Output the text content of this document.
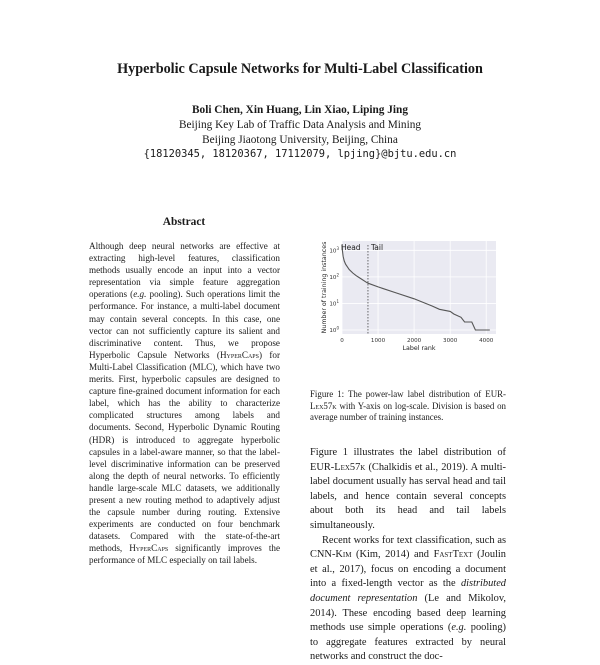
Hyperbolic Capsule Networks for Multi-Label Classification
Boli Chen, Xin Huang, Lin Xiao, Liping Jing
Beijing Key Lab of Traffic Data Analysis and Mining
Beijing Jiaotong University, Beijing, China
{18120345, 18120367, 17112079, lpjing}@bjtu.edu.cn
Abstract

Although deep neural networks are effective at extracting high-level features, classification methods usually encode an input into a vector representation via simple feature aggregation operations (e.g. pooling). Such operations limit the performance. For instance, a multi-label document may contain several concepts. In this case, one vector can not sufficiently capture its salient and discriminative content. Thus, we propose Hyperbolic Capsule Networks (HyperCaps) for Multi-Label Classification (MLC), which have two merits. First, hyperbolic capsules are designed to capture fine-grained document information for each label, which has the ability to characterize complicated structures among labels and documents. Second, Hyperbolic Dynamic Routing (HDR) is introduced to aggregate hyperbolic capsules in a label-aware manner, so that the label-level discriminative information can be preserved along the depth of neural networks. To efficiently handle large-scale MLC datasets, we additionally present a new routing method to adaptively adjust the capsule number during routing. Extensive experiments are conducted on four benchmark datasets. Compared with the state-of-the-art methods, HyperCaps significantly improves the performance of MLC especially on tail labels.

0	1000	2000	3000	4000
$10^0$
$10^1$
$10^2$
$10^3$ Head Tail
Label rank
Number of training instances

Figure 1: The power-law label distribution of EUR-Lex57k with Y-axis on log-scale. Division is based on average number of training instances.

Figure 1 illustrates the label distribution of EUR-Lex57k (Chalkidis et al., 2019). A multi-label document usually has serval head and tail labels, and hence contain several concepts about both its head and tail labels simultaneously.

Recent works for text classification, such as CNN-Kim (Kim, 2014) and FastText (Joulin et al., 2017), focus on encoding a document into a fixed-length vector as the distributed document representation (Le and Mikolov, 2014). These encoding based deep learning methods use simple operations (e.g. pooling) to aggregate features extracted by neural networks and construct the doc-
